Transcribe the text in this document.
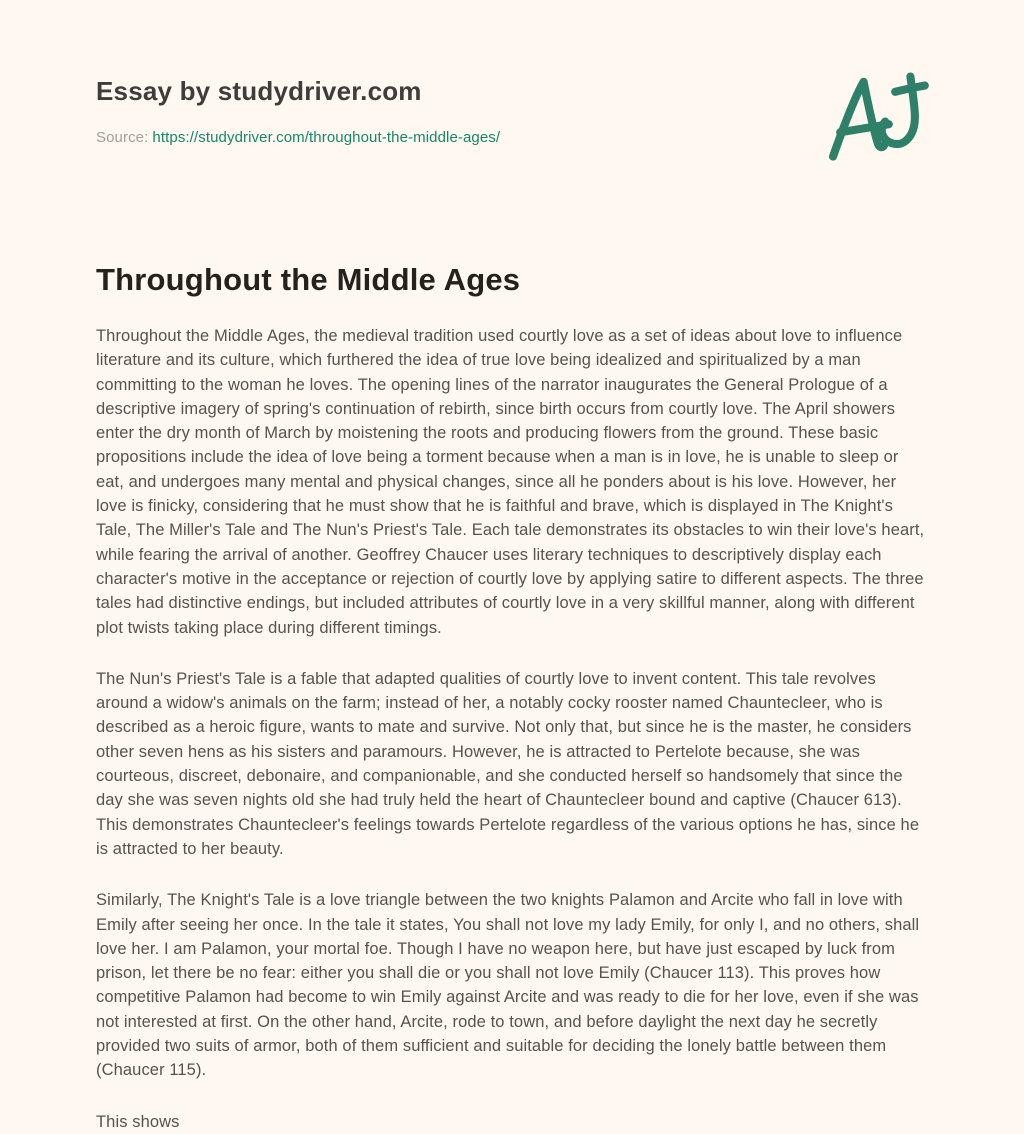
Essay by studydriver.com
Source: https://studydriver.com/throughout-the-middle-ages/
Throughout the Middle Ages

Throughout the Middle Ages, the medieval tradition used courtly love as a set of ideas about love to influence literature and its culture, which furthered the idea of true love being idealized and spiritualized by a man committing to the woman he loves. The opening lines of the narrator inaugurates the General Prologue of a descriptive imagery of spring's continuation of rebirth, since birth occurs from courtly love. The April showers enter the dry month of March by moistening the roots and producing flowers from the ground. These basic propositions include the idea of love being a torment because when a man is in love, he is unable to sleep or eat, and undergoes many mental and physical changes, since all he ponders about is his love. However, her love is finicky, considering that he must show that he is faithful and brave, which is displayed in The Knight's Tale, The Miller's Tale and The Nun's Priest's Tale. Each tale demonstrates its obstacles to win their love's heart, while fearing the arrival of another. Geoffrey Chaucer uses literary techniques to descriptively display each character's motive in the acceptance or rejection of courtly love by applying satire to different aspects. The three tales had distinctive endings, but included attributes of courtly love in a very skillful manner, along with different plot twists taking place during different timings.

The Nun's Priest's Tale is a fable that adapted qualities of courtly love to invent content. This tale revolves around a widow's animals on the farm; instead of her, a notably cocky rooster named Chauntecleer, who is described as a heroic figure, wants to mate and survive. Not only that, but since he is the master, he considers other seven hens as his sisters and paramours. However, he is attracted to Pertelote because, she was courteous, discreet, debonaire, and companionable, and she conducted herself so handsomely that since the day she was seven nights old she had truly held the heart of Chauntecleer bound and captive (Chaucer 613). This demonstrates Chauntecleer's feelings towards Pertelote regardless of the various options he has, since he is attracted to her beauty.

Similarly, The Knight's Tale is a love triangle between the two knights Palamon and Arcite who fall in love with Emily after seeing her once. In the tale it states, You shall not love my lady Emily, for only I, and no others, shall love her. I am Palamon, your mortal foe. Though I have no weapon here, but have just escaped by luck from prison, let there be no fear: either you shall die or you shall not love Emily (Chaucer 113). This proves how competitive Palamon had become to win Emily against Arcite and was ready to die for her love, even if she was not interested at first. On the other hand, Arcite, rode to town, and before daylight the next day he secretly provided two suits of armor, both of them sufficient and suitable for deciding the lonely battle between them (Chaucer 115).

This shows
